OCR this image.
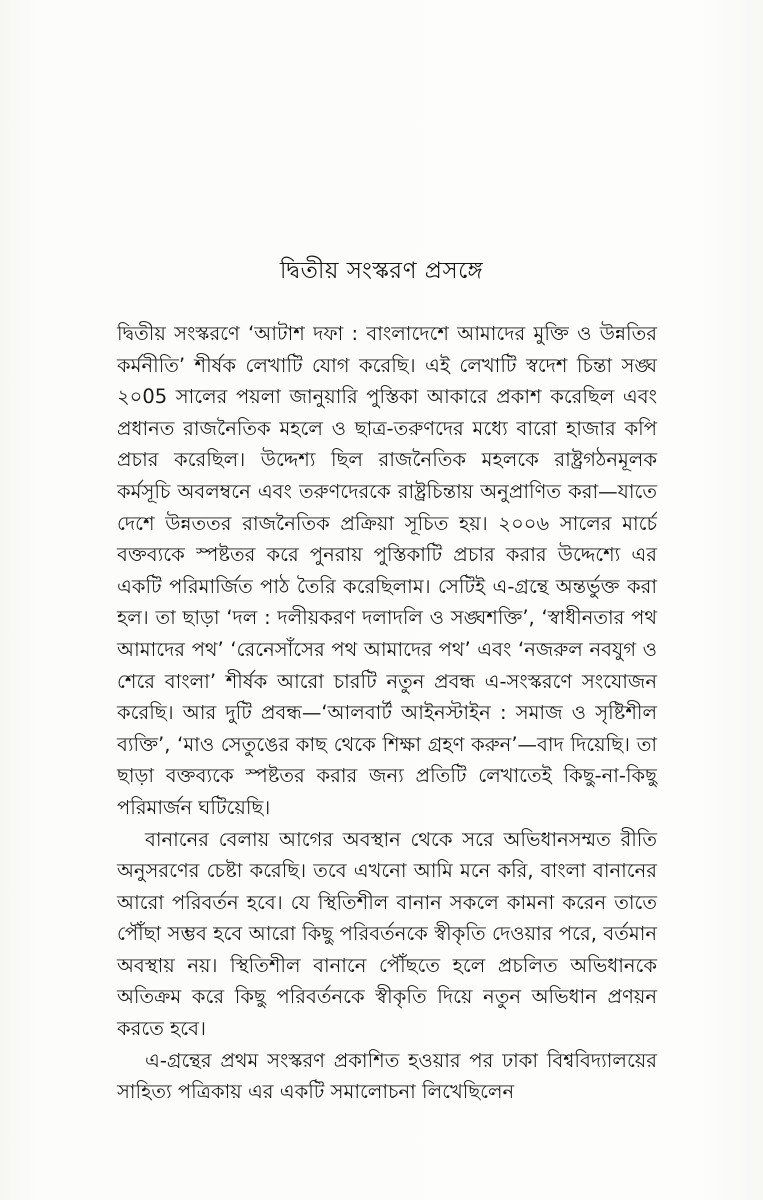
দ্বিতীয় সংস্করণ প্রসঙ্গে

দ্বিতীয় সংস্করণে ‘আটাশ দফা : বাংলাদেশে আমাদের মুক্তি ও উন্নতির কর্মনীতি’ শীর্ষক লেখাটি যোগ করেছি। এই লেখাটি স্বদেশ চিন্তা সঙ্ঘ ২০05 সালের পয়লা জানুয়ারি পুস্তিকা আকারে প্রকাশ করেছিল এবং প্রধানত রাজনৈতিক মহলে ও ছাত্র-তরুণদের মধ্যে বারো হাজার কপি প্রচার করেছিল। উদ্দেশ্য ছিল রাজনৈতিক মহলকে রাষ্ট্রগঠনমূলক কর্মসূচি অবলম্বনে এবং তরুণদেরকে রাষ্ট্রচিন্তায় অনুপ্রাণিত করা—যাতে দেশে উন্নততর রাজনৈতিক প্রক্রিয়া সূচিত হয়। ২০০৬ সালের মার্চে বক্তব্যকে স্পষ্টতর করে পুনরায় পুস্তিকাটি প্রচার করার উদ্দেশ্যে এর একটি পরিমার্জিত পাঠ তৈরি করেছিলাম। সেটিই এ-গ্রন্থে অন্তর্ভুক্ত করা হল। তা ছাড়া ‘দল : দলীয়করণ দলাদলি ও সঙ্ঘশক্তি’, ‘স্বাধীনতার পথ আমাদের পথ’ ‘রেনেসাঁসের পথ আমাদের পথ’ এবং ‘নজরুল নবযুগ ও শেরে বাংলা’ শীর্ষক আরো চারটি নতুন প্রবন্ধ এ-সংস্করণে সংযোজন করেছি। আর দুটি প্রবন্ধ—‘আলবার্ট আইনস্টাইন : সমাজ ও সৃষ্টিশীল ব্যক্তি’, ‘মাও সেতুঙের কাছ থেকে শিক্ষা গ্রহণ করুন’—বাদ দিয়েছি। তা ছাড়া বক্তব্যকে স্পষ্টতর করার জন্য প্রতিটি লেখাতেই কিছু-না-কিছু পরিমার্জন ঘটিয়েছি।

বানানের বেলায় আগের অবস্থান থেকে সরে অভিধানসম্মত রীতি অনুসরণের চেষ্টা করেছি। তবে এখনো আমি মনে করি, বাংলা বানানের আরো পরিবর্তন হবে। যে স্থিতিশীল বানান সকলে কামনা করেন তাতে পৌঁছা সম্ভব হবে আরো কিছু পরিবর্তনকে স্বীকৃতি দেওয়ার পরে, বর্তমান অবস্থায় নয়। স্থিতিশীল বানানে পৌঁছতে হলে প্রচলিত অভিধানকে অতিক্রম করে কিছু পরিবর্তনকে স্বীকৃতি দিয়ে নতুন অভিধান প্রণয়ন করতে হবে।

এ-গ্রন্থের প্রথম সংস্করণ প্রকাশিত হওয়ার পর ঢাকা বিশ্ববিদ্যালয়ের সাহিত্য পত্রিকায় এর একটি সমালোচনা লিখেছিলেন
